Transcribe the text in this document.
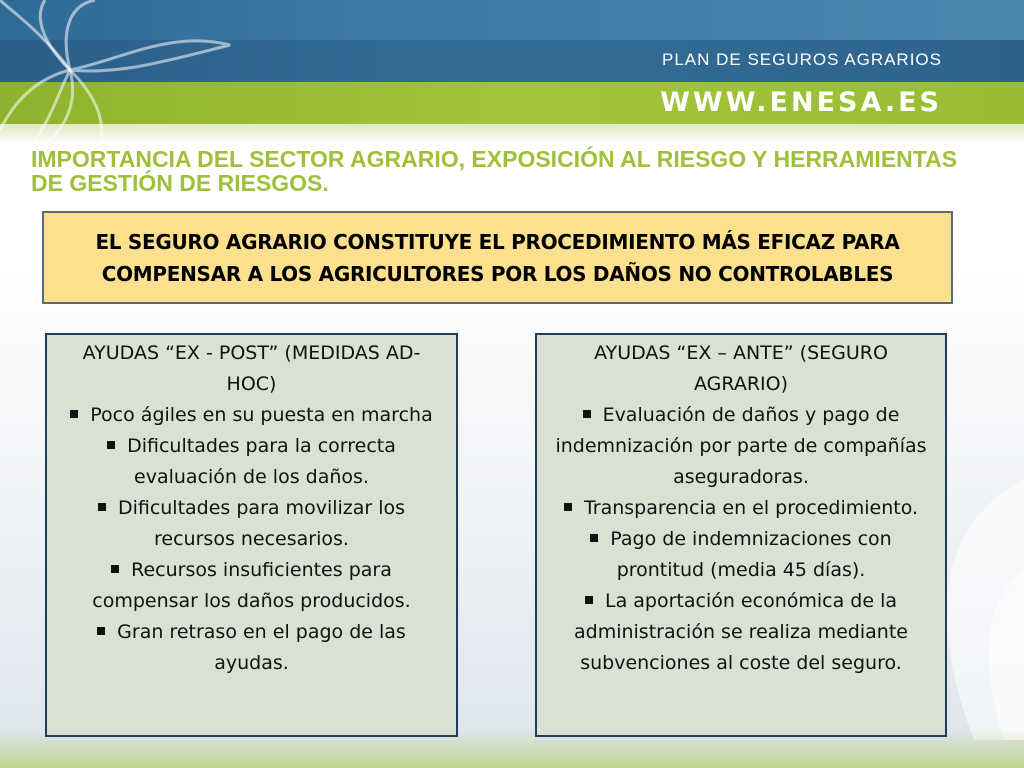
PLAN DE SEGUROS AGRARIOS
WWW.ENESA.ES
IMPORTANCIA DEL SECTOR AGRARIO, EXPOSICIÓN AL RIESGO Y HERRAMIENTAS DE GESTIÓN DE RIESGOS.
EL SEGURO AGRARIO CONSTITUYE EL PROCEDIMIENTO MÁS EFICAZ PARA COMPENSAR A LOS AGRICULTORES POR LOS DAÑOS NO CONTROLABLES
AYUDAS “EX - POST” (MEDIDAS AD-HOC)
Poco ágiles en su puesta en marcha
Dificultades para la correcta evaluación de los daños.
Dificultades para movilizar los recursos necesarios.
Recursos insuficientes para compensar los daños producidos.
Gran retraso en el pago de las ayudas.
AYUDAS “EX – ANTE” (SEGURO AGRARIO)
Evaluación de daños y pago de indemnización por parte de compañías aseguradoras.
Transparencia en el procedimiento.
Pago de indemnizaciones con prontitud (media 45 días).
La aportación económica de la administración se realiza mediante subvenciones al coste del seguro.
